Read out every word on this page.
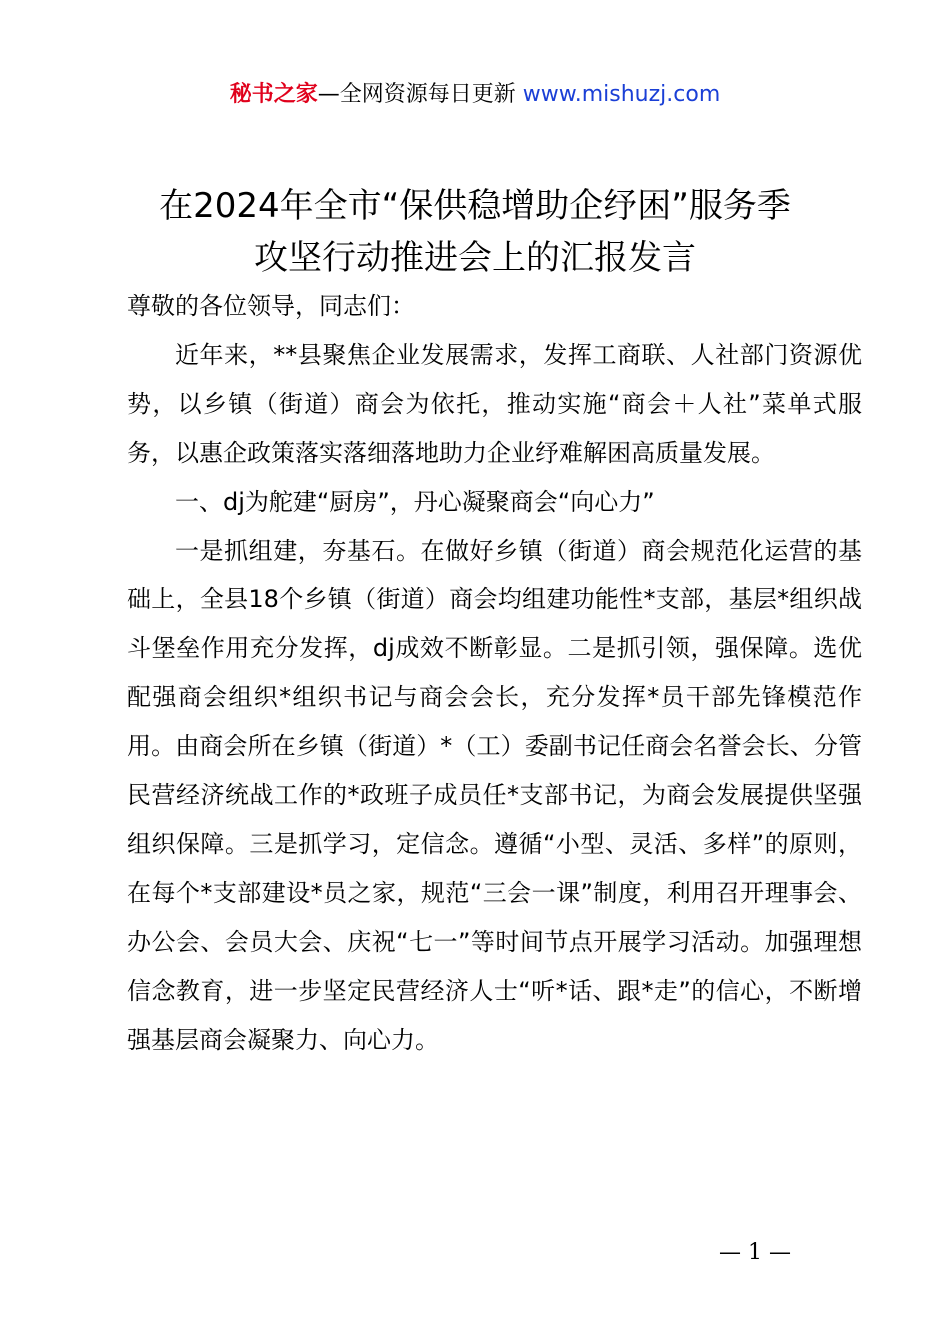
秘书之家—全网资源每日更新 www.mishuzj.com
在2024年全市“保供稳增助企纾困”服务季
攻坚行动推进会上的汇报发言

尊敬的各位领导，同志们：

近年来，**县聚焦企业发展需求，发挥工商联、人社部门资源优势，以乡镇（街道）商会为依托，推动实施“商会＋人社”菜单式服务，以惠企政策落实落细落地助力企业纾难解困高质量发展。

一、dj为舵建“厨房”，丹心凝聚商会“向心力”

一是抓组建，夯基石。在做好乡镇（街道）商会规范化运营的基础上，全县18个乡镇（街道）商会均组建功能性*支部，基层*组织战斗堡垒作用充分发挥，dj成效不断彰显。二是抓引领，强保障。选优配强商会组织*组织书记与商会会长，充分发挥*员干部先锋模范作用。由商会所在乡镇（街道）*（工）委副书记任商会名誉会长、分管民营经济统战工作的*政班子成员任*支部书记，为商会发展提供坚强组织保障。三是抓学习，定信念。遵循“小型、灵活、多样”的原则，在每个*支部建设*员之家，规范“三会一课”制度，利用召开理事会、办公会、会员大会、庆祝“七一”等时间节点开展学习活动。加强理想信念教育，进一步坚定民营经济人士“听*话、跟*走”的信心，不断增强基层商会凝聚力、向心力。

— 1 —
